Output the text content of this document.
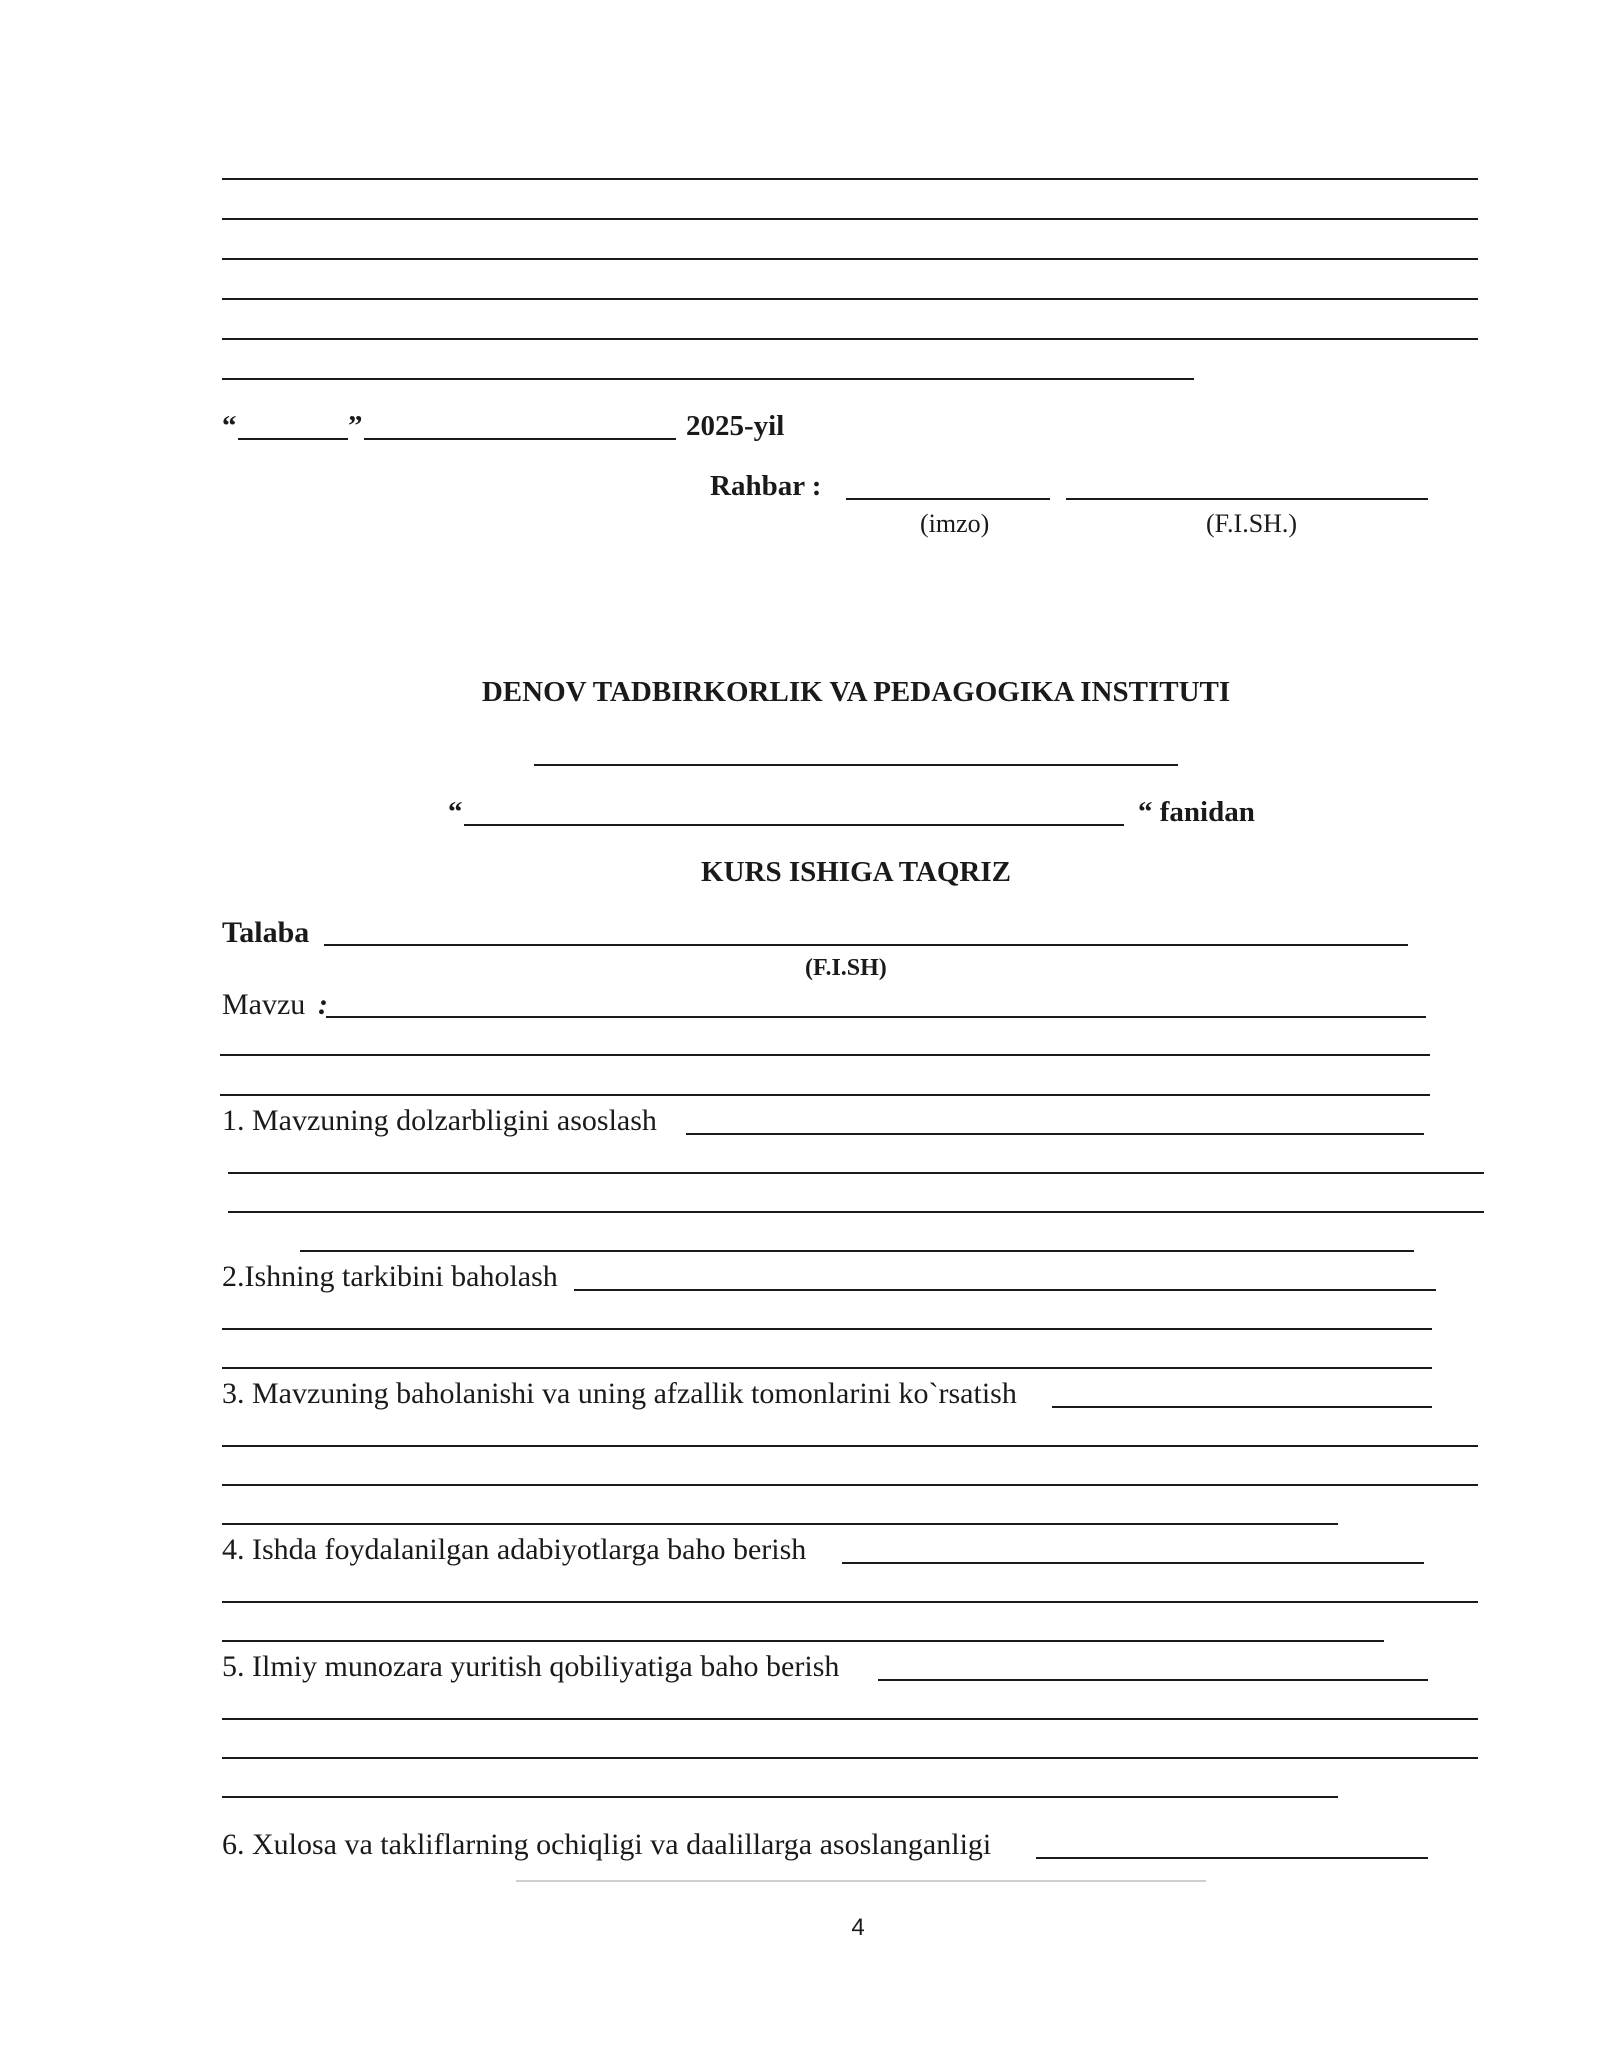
“	”	2025-yil
Rahbar :
(imzo)	(F.I.SH.)
DENOV TADBIRKORLIK VA PEDAGOGIKA INSTITUTI
“	“ fanidan
KURS ISHIGA TAQRIZ
Talaba
(F.I.SH)
Mavzu :
1. Mavzuning dolzarbligini asoslash
2.Ishning tarkibini baholash
3. Mavzuning baholanishi va uning afzallik tomonlarini ko`rsatish
4. Ishda foydalanilgan adabiyotlarga baho berish
5. Ilmiy munozara yuritish qobiliyatiga baho berish
6. Xulosa va takliflarning ochiqligi va daalillarga asoslanganligi
4
